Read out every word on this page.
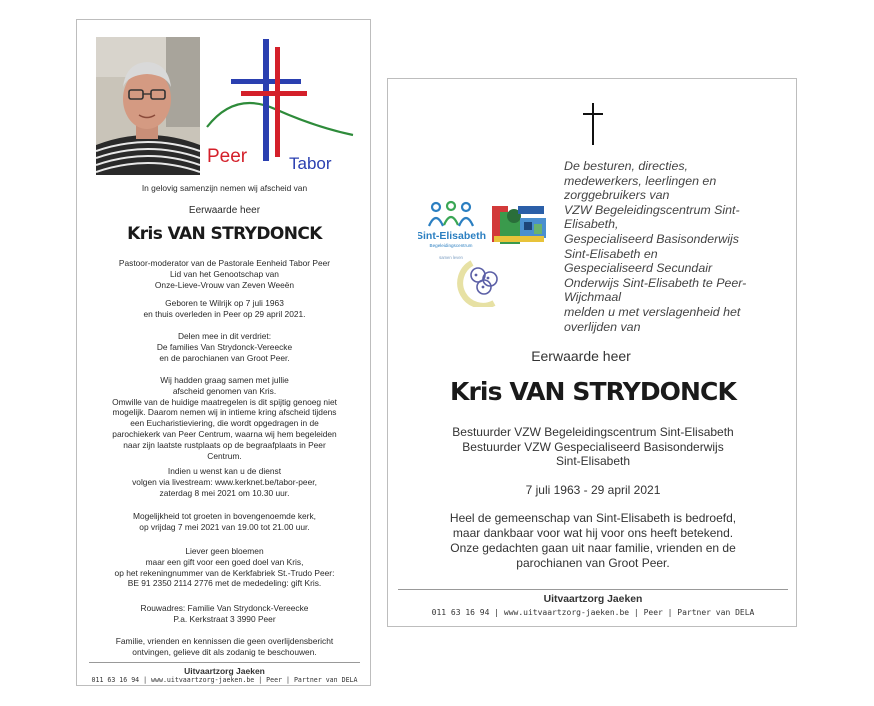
Peer Tabor
In gelovig samenzijn nemen wij afscheid van
Eerwaarde heer
Kris VAN STRYDONCK
Pastoor-moderator van de Pastorale Eenheid Tabor Peer
Lid van het Genootschap van
Onze-Lieve-Vrouw van Zeven Weeën
Geboren te Wilrijk op 7 juli 1963
en thuis overleden in Peer op 29 april 2021.
Delen mee in dit verdriet:
De families Van Strydonck-Vereecke
en de parochianen van Groot Peer.
Wij hadden graag samen met jullie
afscheid genomen van Kris.
Omwille van de huidige maatregelen is dit spijtig genoeg niet
mogelijk. Daarom nemen wij in intieme kring afscheid tijdens
een Eucharistieviering, die wordt opgedragen in de
parochiekerk van Peer Centrum, waarna wij hem begeleiden
naar zijn laatste rustplaats op de begraafplaats in Peer
Centrum.
Indien u wenst kan u de dienst
volgen via livestream: www.kerknet.be/tabor-peer,
zaterdag 8 mei 2021 om 10.30 uur.
Mogelijkheid tot groeten in bovengenoemde kerk,
op vrijdag 7 mei 2021 van 19.00 tot 21.00 uur.
Liever geen bloemen
maar een gift voor een goed doel van Kris,
op het rekeningnummer van de Kerkfabriek St.-Trudo Peer:
BE 91 2350 2114 2776 met de mededeling: gift Kris.
Rouwadres: Familie Van Strydonck-Vereecke
P.a. Kerkstraat 3 3990 Peer
Familie, vrienden en kennissen die geen overlijdensbericht
ontvingen, gelieve dit als zodanig te beschouwen.
Uitvaartzorg Jaeken
011 63 16 94 | www.uitvaartzorg-jaeken.be | Peer | Partner van DELA
Sint-Elisabeth
Begeleidingscentrum
samen leven
De besturen, directies,
medewerkers, leerlingen en
zorggebruikers van
VZW Begeleidingscentrum Sint-
Elisabeth,
Gespecialiseerd Basisonderwijs
Sint-Elisabeth en
Gespecialiseerd Secundair
Onderwijs Sint-Elisabeth te Peer-
Wijchmaal
melden u met verslagenheid het
overlijden van
Eerwaarde heer
Kris VAN STRYDONCK
Bestuurder VZW Begeleidingscentrum Sint-Elisabeth
Bestuurder VZW Gespecialiseerd Basisonderwijs
Sint-Elisabeth
7 juli 1963 - 29 april 2021
Heel de gemeenschap van Sint-Elisabeth is bedroefd,
maar dankbaar voor wat hij voor ons heeft betekend.
Onze gedachten gaan uit naar familie, vrienden en de
parochianen van Groot Peer.
Uitvaartzorg Jaeken
011 63 16 94 | www.uitvaartzorg-jaeken.be | Peer | Partner van DELA
